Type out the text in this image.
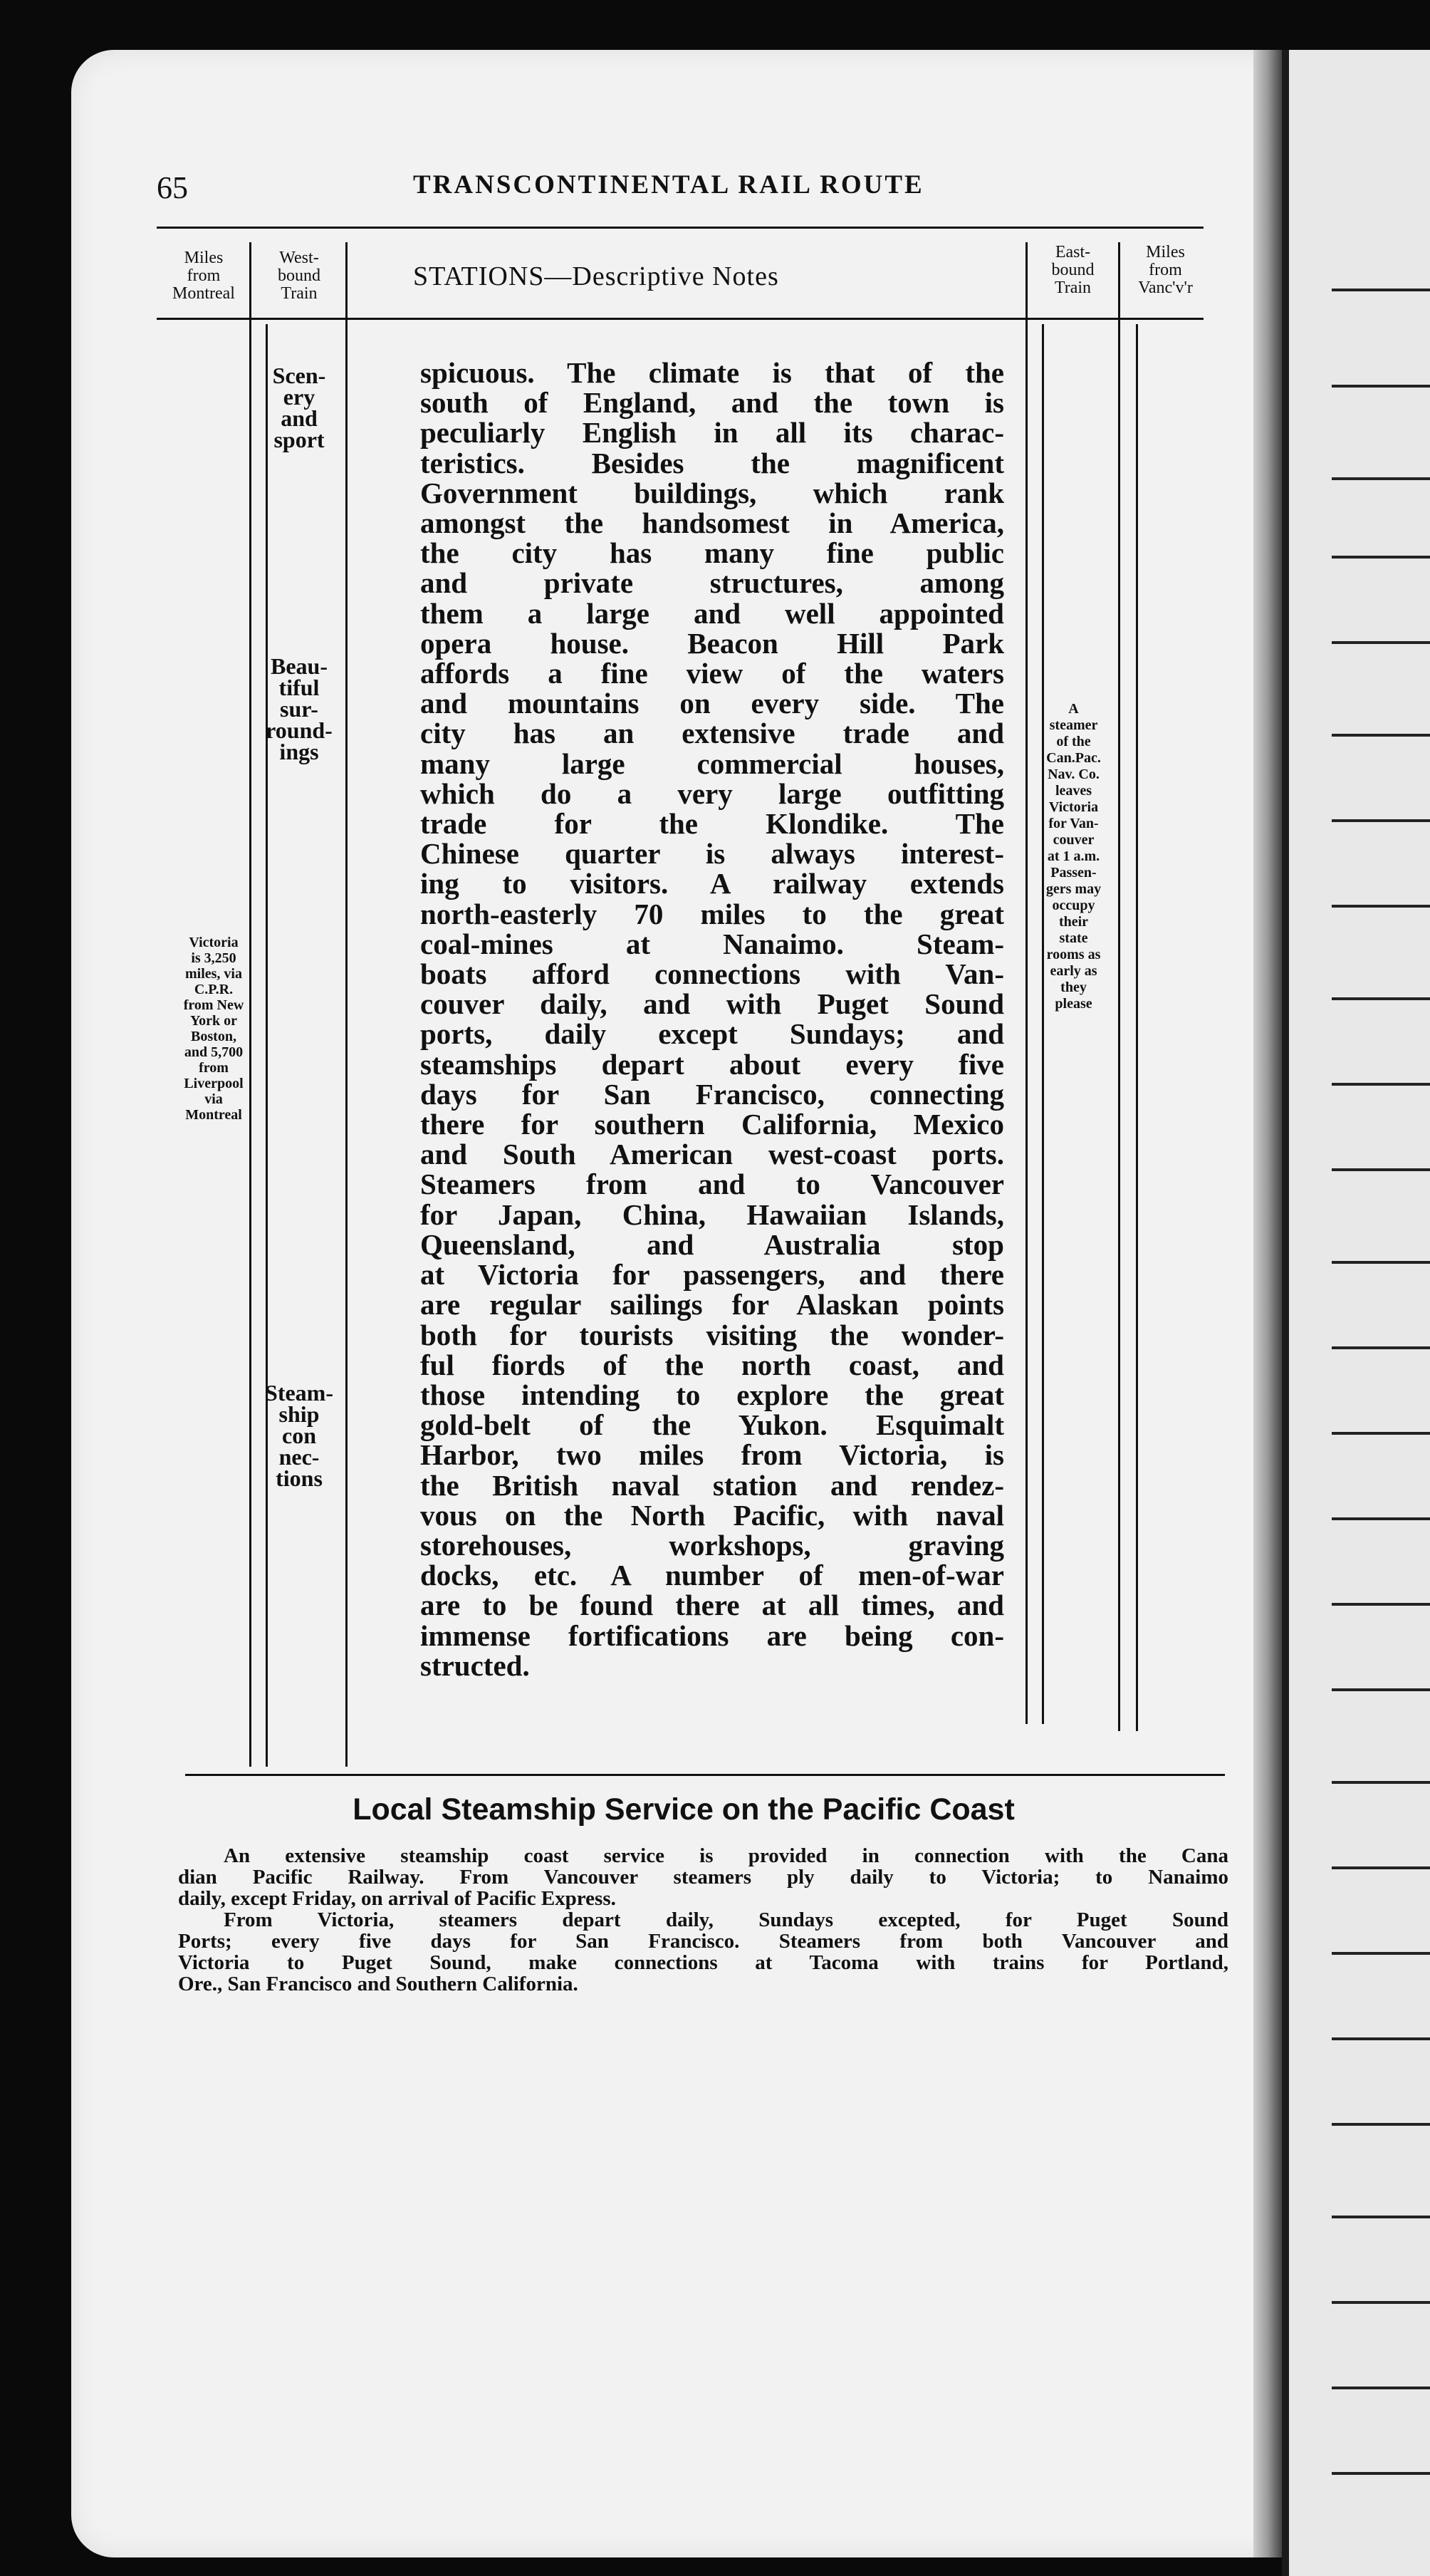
65	TRANSCONTINENTAL RAIL ROUTE
Miles
from
Montreal
West-
bound
Train
STATIONS—Descriptive Notes
East-
bound
Train
Miles
from
Vanc'v'r
Scen-
ery
and
sport
Beau-
tiful
sur-
round-
ings
Steam-
ship
con
nec-
tions
Victoria
is 3,250
miles, via
C.P.R.
from New
York or
Boston,
and 5,700
from
Liverpool
via
Montreal
A
steamer
of the
Can.Pac.
Nav. Co.
leaves
Victoria
for Van-
couver
at 1 a.m.
Passen-
gers may
occupy
their
state
rooms as
early as
they
please
spicuous. The climate is that of the
south of England, and the town is
peculiarly English in all its charac-
teristics. Besides the magnificent
Government buildings, which rank
amongst the handsomest in America,
the city has many fine public
and private structures, among
them a large and well appointed
opera house. Beacon Hill Park
affords a fine view of the waters
and mountains on every side. The
city has an extensive trade and
many large commercial houses,
which do a very large outfitting
trade for the Klondike. The
Chinese quarter is always interest-
ing to visitors. A railway extends
north-easterly 70 miles to the great
coal-mines at Nanaimo. Steam-
boats afford connections with Van-
couver daily, and with Puget Sound
ports, daily except Sundays; and
steamships depart about every five
days for San Francisco, connecting
there for southern California, Mexico
and South American west-coast ports.
Steamers from and to Vancouver
for Japan, China, Hawaiian Islands,
Queensland, and Australia stop
at Victoria for passengers, and there
are regular sailings for Alaskan points
both for tourists visiting the wonder-
ful fiords of the north coast, and
those intending to explore the great
gold-belt of the Yukon. Esquimalt
Harbor, two miles from Victoria, is
the British naval station and rendez-
vous on the North Pacific, with naval
storehouses, workshops, graving
docks, etc. A number of men-of-war
are to be found there at all times, and
immense fortifications are being con-
structed.
Local Steamship Service on the Pacific Coast
An extensive steamship coast service is provided in connection with the Cana
dian Pacific Railway. From Vancouver steamers ply daily to Victoria; to Nanaimo
daily, except Friday, on arrival of Pacific Express.
From Victoria, steamers depart daily, Sundays excepted, for Puget Sound
Ports; every five days for San Francisco. Steamers from both Vancouver and
Victoria to Puget Sound, make connections at Tacoma with trains for Portland,
Ore., San Francisco and Southern California.
